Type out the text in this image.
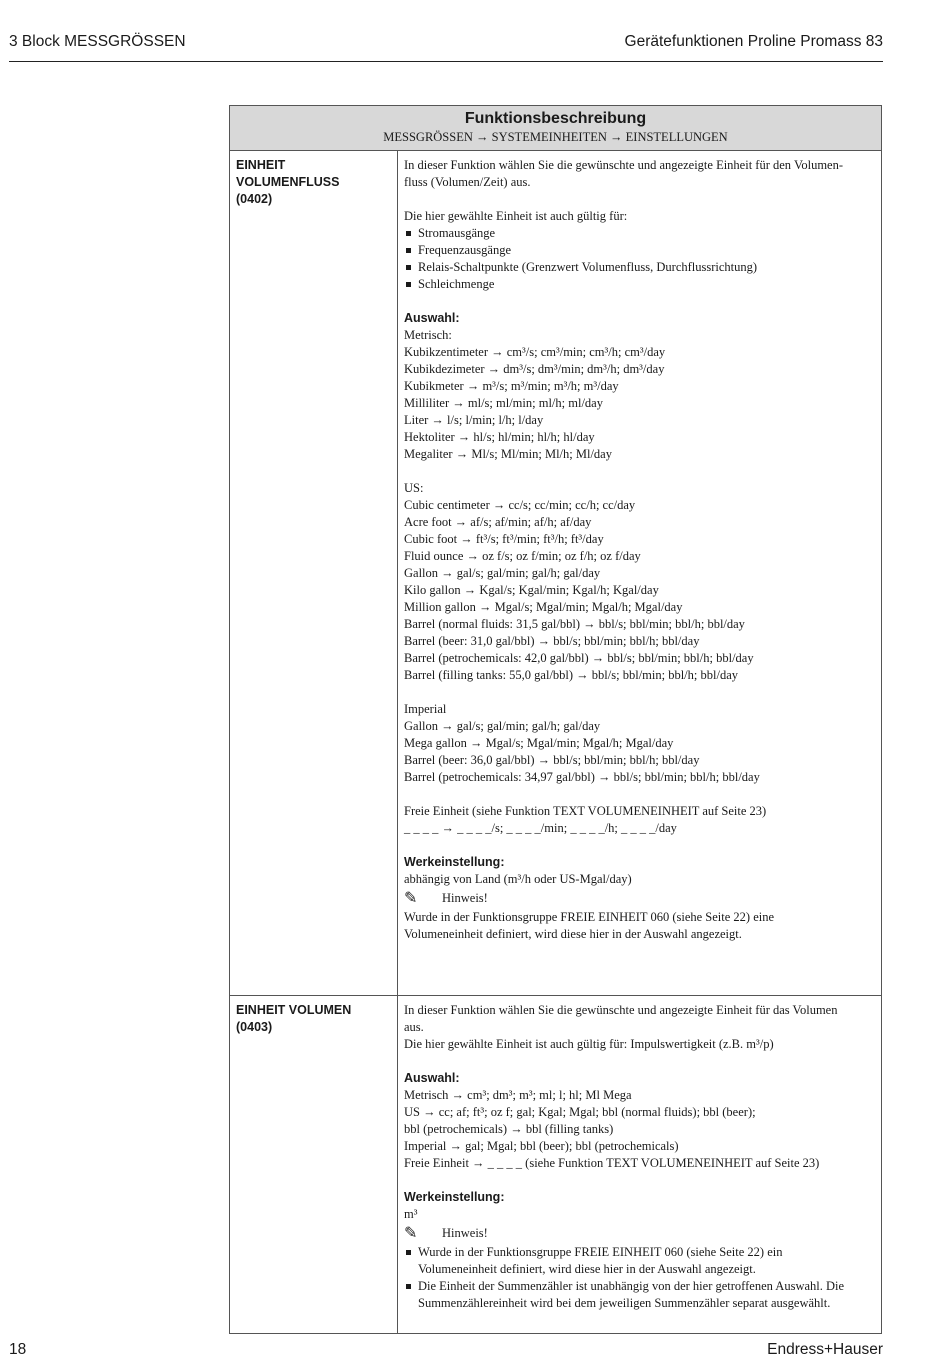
3 Block MESSGRÖSSEN	Gerätefunktionen Proline Promass 83
Funktionsbeschreibung
MESSGRÖSSEN → SYSTEMEINHEITEN → EINSTELLUNGEN
EINHEIT
VOLUMENFLUSS
(0402)
In dieser Funktion wählen Sie die gewünschte und angezeigte Einheit für den Volumen-
fluss (Volumen/Zeit) aus.
Die hier gewählte Einheit ist auch gültig für:
Stromausgänge
Frequenzausgänge
Relais-Schaltpunkte (Grenzwert Volumenfluss, Durchflussrichtung)
Schleichmenge
Auswahl:
Metrisch:
Kubikzentimeter → cm³/s; cm³/min; cm³/h; cm³/day
Kubikdezimeter → dm³/s; dm³/min; dm³/h; dm³/day
Kubikmeter → m³/s; m³/min; m³/h; m³/day
Milliliter → ml/s; ml/min; ml/h; ml/day
Liter → l/s; l/min; l/h; l/day
Hektoliter → hl/s; hl/min; hl/h; hl/day
Megaliter → Ml/s; Ml/min; Ml/h; Ml/day
US:
Cubic centimeter → cc/s; cc/min; cc/h; cc/day
Acre foot → af/s; af/min; af/h; af/day
Cubic foot → ft³/s; ft³/min; ft³/h; ft³/day
Fluid ounce → oz f/s; oz f/min; oz f/h; oz f/day
Gallon → gal/s; gal/min; gal/h; gal/day
Kilo gallon → Kgal/s; Kgal/min; Kgal/h; Kgal/day
Million gallon → Mgal/s; Mgal/min; Mgal/h; Mgal/day
Barrel (normal fluids: 31,5 gal/bbl) → bbl/s; bbl/min; bbl/h; bbl/day
Barrel (beer: 31,0 gal/bbl) → bbl/s; bbl/min; bbl/h; bbl/day
Barrel (petrochemicals: 42,0 gal/bbl) → bbl/s; bbl/min; bbl/h; bbl/day
Barrel (filling tanks: 55,0 gal/bbl) → bbl/s; bbl/min; bbl/h; bbl/day
Imperial
Gallon → gal/s; gal/min; gal/h; gal/day
Mega gallon → Mgal/s; Mgal/min; Mgal/h; Mgal/day
Barrel (beer: 36,0 gal/bbl) → bbl/s; bbl/min; bbl/h; bbl/day
Barrel (petrochemicals: 34,97 gal/bbl) → bbl/s; bbl/min; bbl/h; bbl/day
Freie Einheit (siehe Funktion TEXT VOLUMENEINHEIT auf Seite 23)
_ _ _ _ → _ _ _ _/s; _ _ _ _/min; _ _ _ _/h; _ _ _ _/day
Werkeinstellung:
abhängig von Land (m³/h oder US-Mgal/day)
✎	Hinweis!
Wurde in der Funktionsgruppe FREIE EINHEIT 060 (siehe Seite 22) eine
Volumeneinheit definiert, wird diese hier in der Auswahl angezeigt.
EINHEIT VOLUMEN
(0403)
In dieser Funktion wählen Sie die gewünschte und angezeigte Einheit für das Volumen
aus.
Die hier gewählte Einheit ist auch gültig für: Impulswertigkeit (z.B. m³/p)
Auswahl:
Metrisch → cm³; dm³; m³; ml; l; hl; Ml Mega
US → cc; af; ft³; oz f; gal; Kgal; Mgal; bbl (normal fluids); bbl (beer);
bbl (petrochemicals) → bbl (filling tanks)
Imperial → gal; Mgal; bbl (beer); bbl (petrochemicals)
Freie Einheit → _ _ _ _ (siehe Funktion TEXT VOLUMENEINHEIT auf Seite 23)
Werkeinstellung:
m³
✎	Hinweis!
Wurde in der Funktionsgruppe FREIE EINHEIT 060 (siehe Seite 22) ein
Volumeneinheit definiert, wird diese hier in der Auswahl angezeigt.
Die Einheit der Summenzähler ist unabhängig von der hier getroffenen Auswahl. Die
Summenzählereinheit wird bei dem jeweiligen Summenzähler separat ausgewählt.
18	Endress+Hauser
